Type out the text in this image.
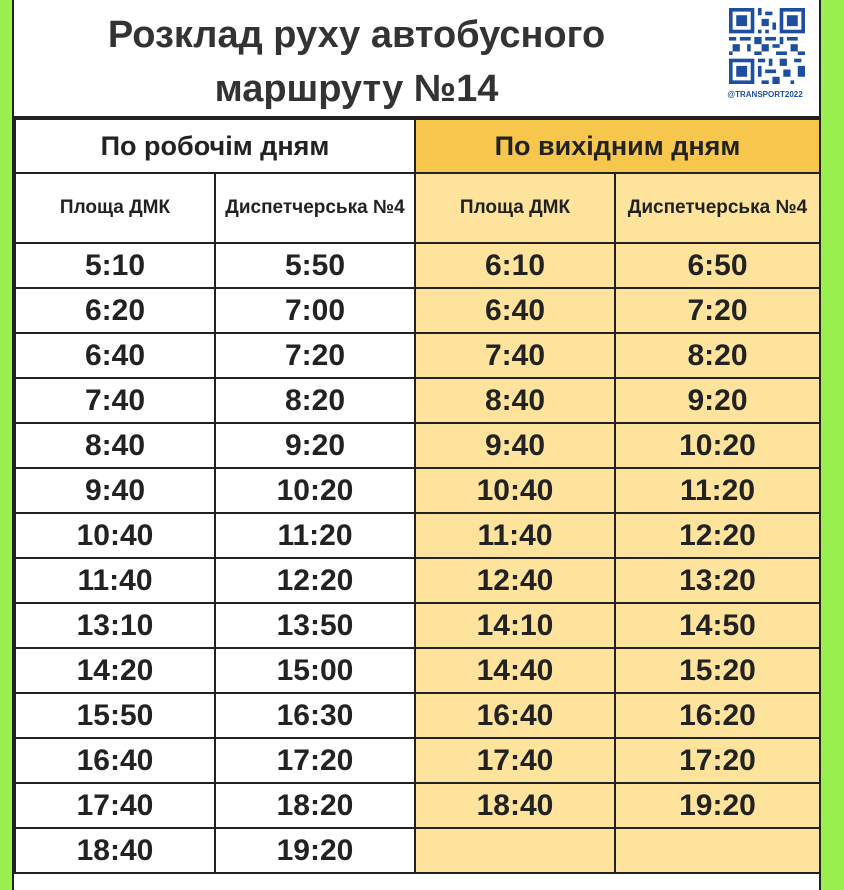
Розклад руху автобусного
маршруту №14	@TRANSPORT2022
По робочім дням		По вихідним дням	
Площа ДМК	Диспетчерська №4	Площа ДМК	Диспетчерська №4
5:10	5:50	6:10	6:50
6:20	7:00	6:40	7:20
6:40	7:20	7:40	8:20
7:40	8:20	8:40	9:20
8:40	9:20	9:40	10:20
9:40	10:20	10:40	11:20
10:40	11:20	11:40	12:20
11:40	12:20	12:40	13:20
13:10	13:50	14:10	14:50
14:20	15:00	14:40	15:20
15:50	16:30	16:40	16:20
16:40	17:20	17:40	17:20
17:40	18:20	18:40	19:20
18:40	19:20		
